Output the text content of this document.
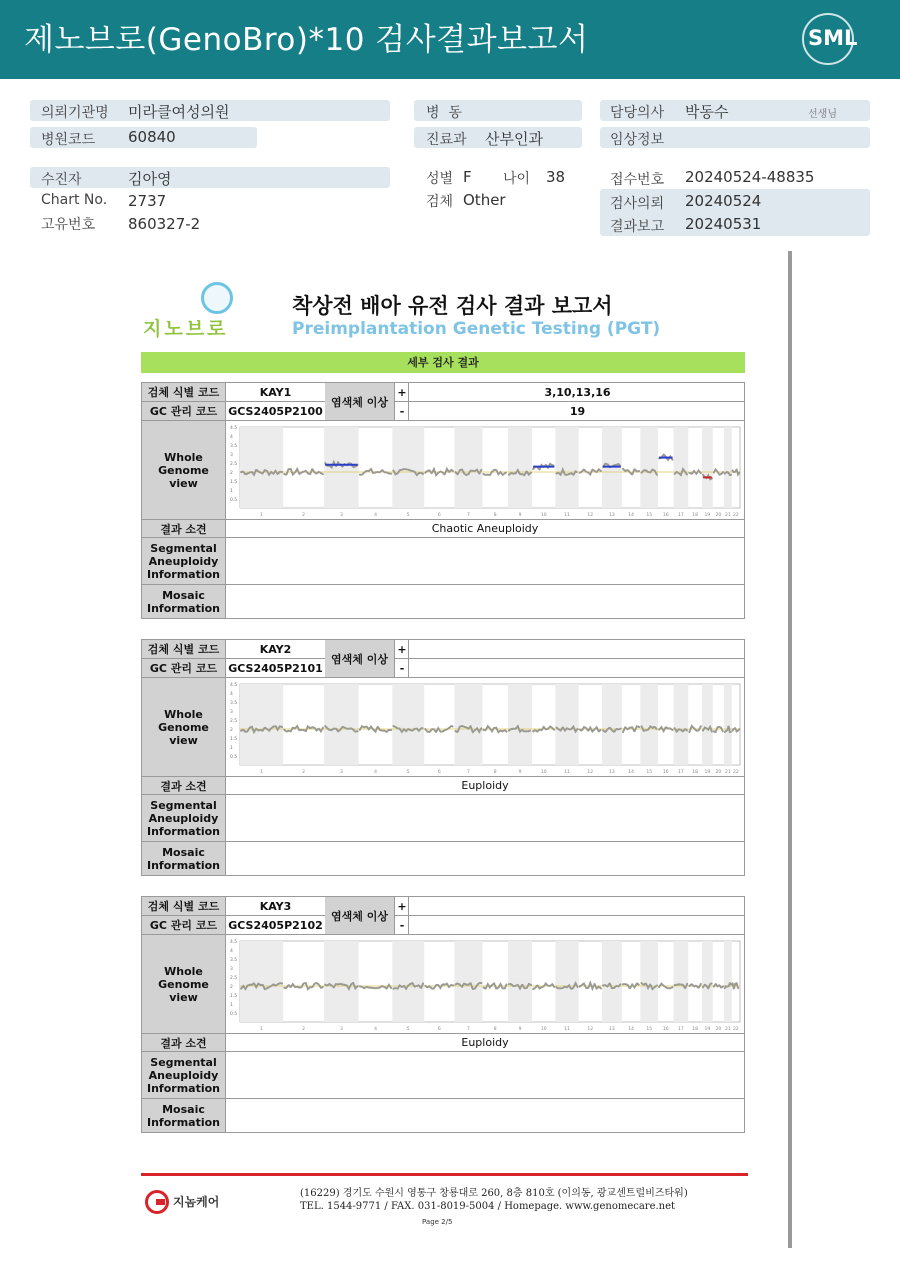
제노브로(GenoBro)*10 검사결과보고서	SML
의뢰기관명 미라클여성의원
병원코드 60840
병  동
진료과 산부인과
담당의사 박동수	선생님
임상정보
수진자	김아영
Chart No. 2737
고유번호 860327-2
성별 F 나이 38
검체 Other
접수번호 20240524-48835
검사의뢰 20240524
결과보고 20240531
지노브로
착상전 배아 유전 검사 결과 보고서
Preimplantation Genetic Testing (PGT)
세부 검사 결과
검체 식별 코드	KAY1	+	3,10,13,16
GC 관리 코드	GCS2405P2100	-	19
염색체 이상
Whole Genome view
4.5
4
3.5
3
2.5
2
1.5
1
0.5
1	2	3	4	5	6	7	8	9	10	11	12	13	14	15 16 17 18 19 20 21 22
결과 소견	Chaotic Aneuploidy
Segmental Aneuploidy Information
Mosaic Information
검체 식별 코드	KAY2	+
GC 관리 코드	GCS2405P2101	-
염색체 이상
Whole Genome view
4.5
4
3.5
3
2.5
2
1.5
1
0.5
1	2	3	4	5	6	7	8	9	10	11	12	13	14	15 16 17 18 19 20 21 22
결과 소견	Euploidy
Segmental Aneuploidy Information
Mosaic Information
검체 식별 코드	KAY3	+
GC 관리 코드	GCS2405P2102	-
염색체 이상
Whole Genome view
4.5
4
3.5
3
2.5
2
1.5
1
0.5
1	2	3	4	5	6	7	8	9	10	11	12	13	14	15 16 17 18 19 20 21 22
결과 소견	Euploidy
Segmental Aneuploidy Information
Mosaic Information
지놈케어
(16229) 경기도 수원시 영통구 창룡대로 260, 8층 810호 (이의동, 광교센트럴비즈타워)
TEL. 1544-9771 / FAX. 031-8019-5004 / Homepage. www.genomecare.net
Page 2/5
